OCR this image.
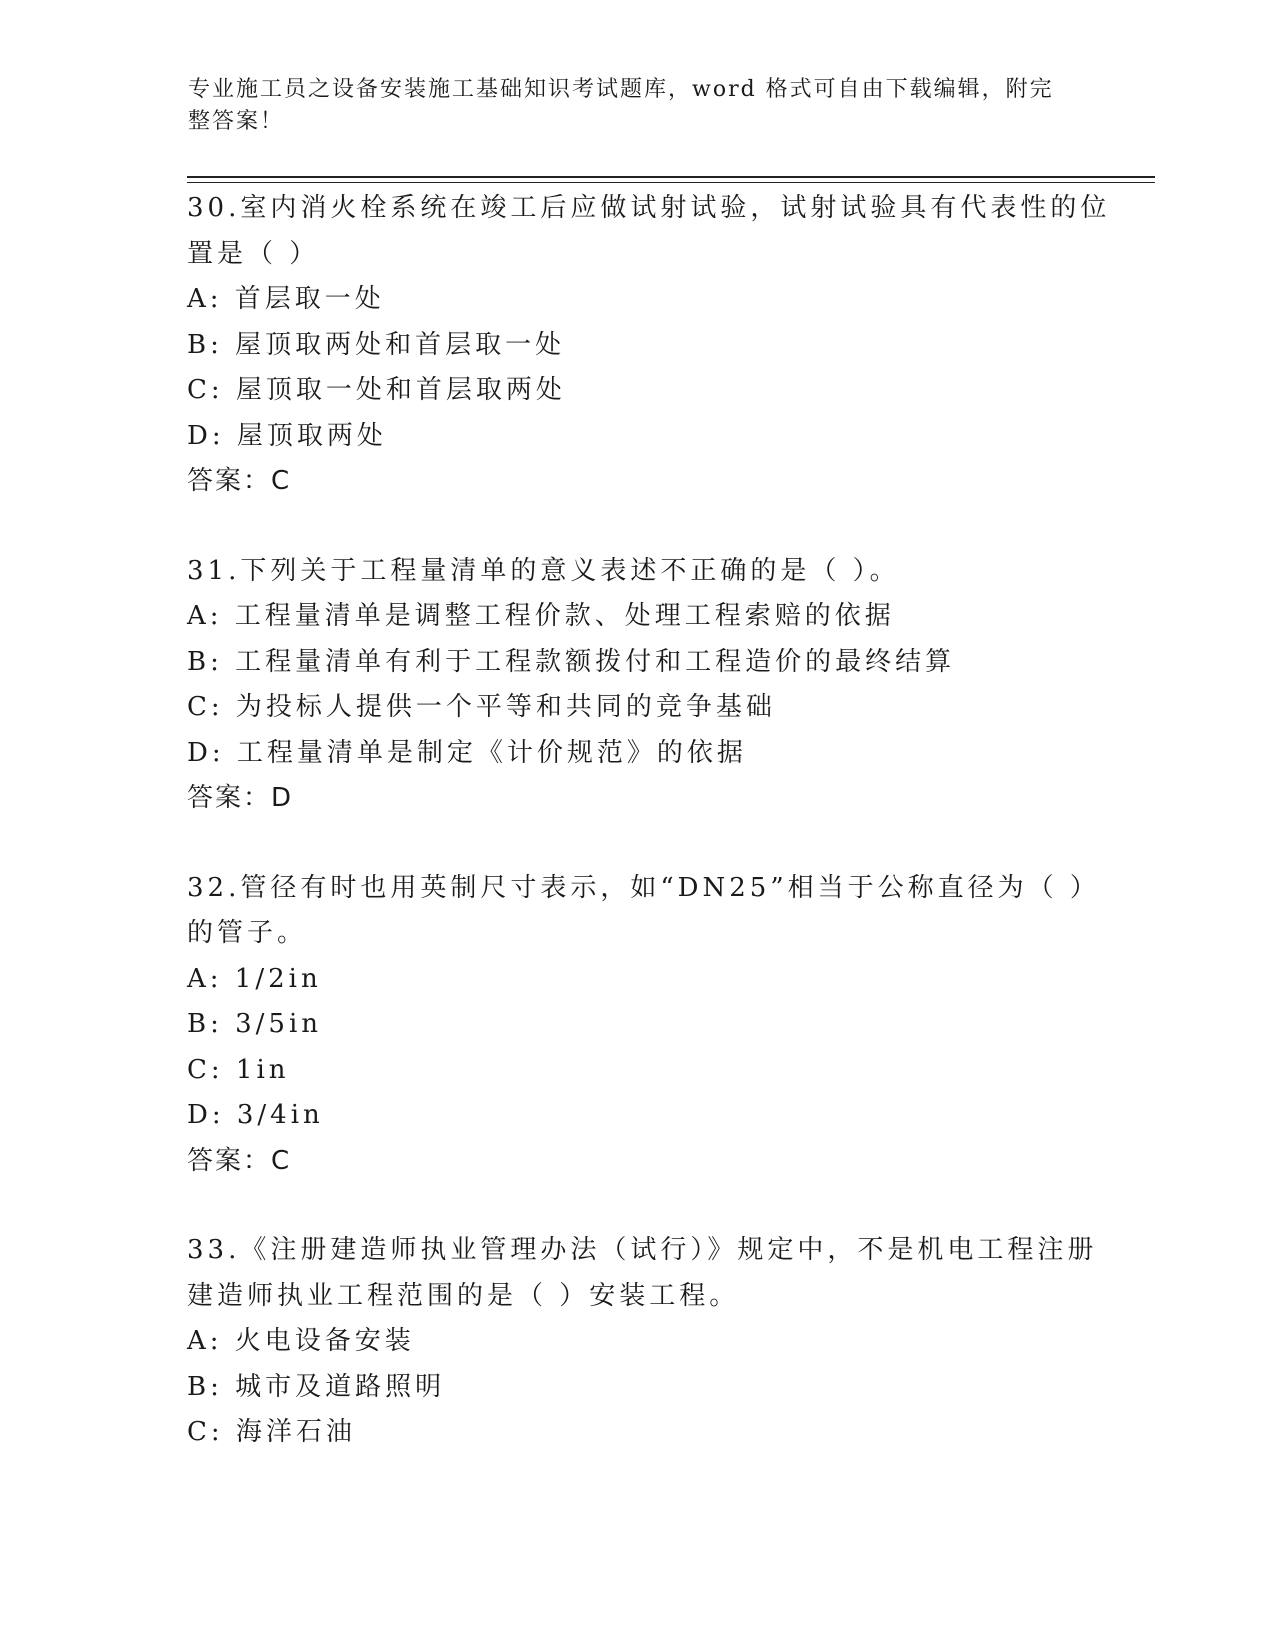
专业施工员之设备安装施工基础知识考试题库，word 格式可自由下载编辑，附完
整答案！
30.室内消火栓系统在竣工后应做试射试验，试射试验具有代表性的位
置是（ ）
A: 首层取一处
B: 屋顶取两处和首层取一处
C: 屋顶取一处和首层取两处
D: 屋顶取两处
答案：C
31.下列关于工程量清单的意义表述不正确的是（ ）。
A: 工程量清单是调整工程价款、处理工程索赔的依据
B: 工程量清单有利于工程款额拨付和工程造价的最终结算
C: 为投标人提供一个平等和共同的竞争基础
D: 工程量清单是制定《计价规范》的依据
答案：D
32.管径有时也用英制尺寸表示，如“DN25”相当于公称直径为（ ）
的管子。
A: 1/2in
B: 3/5in
C: 1in
D: 3/4in
答案：C
33.《注册建造师执业管理办法（试行）》规定中，不是机电工程注册
建造师执业工程范围的是（ ）安装工程。
A: 火电设备安装
B: 城市及道路照明
C: 海洋石油
